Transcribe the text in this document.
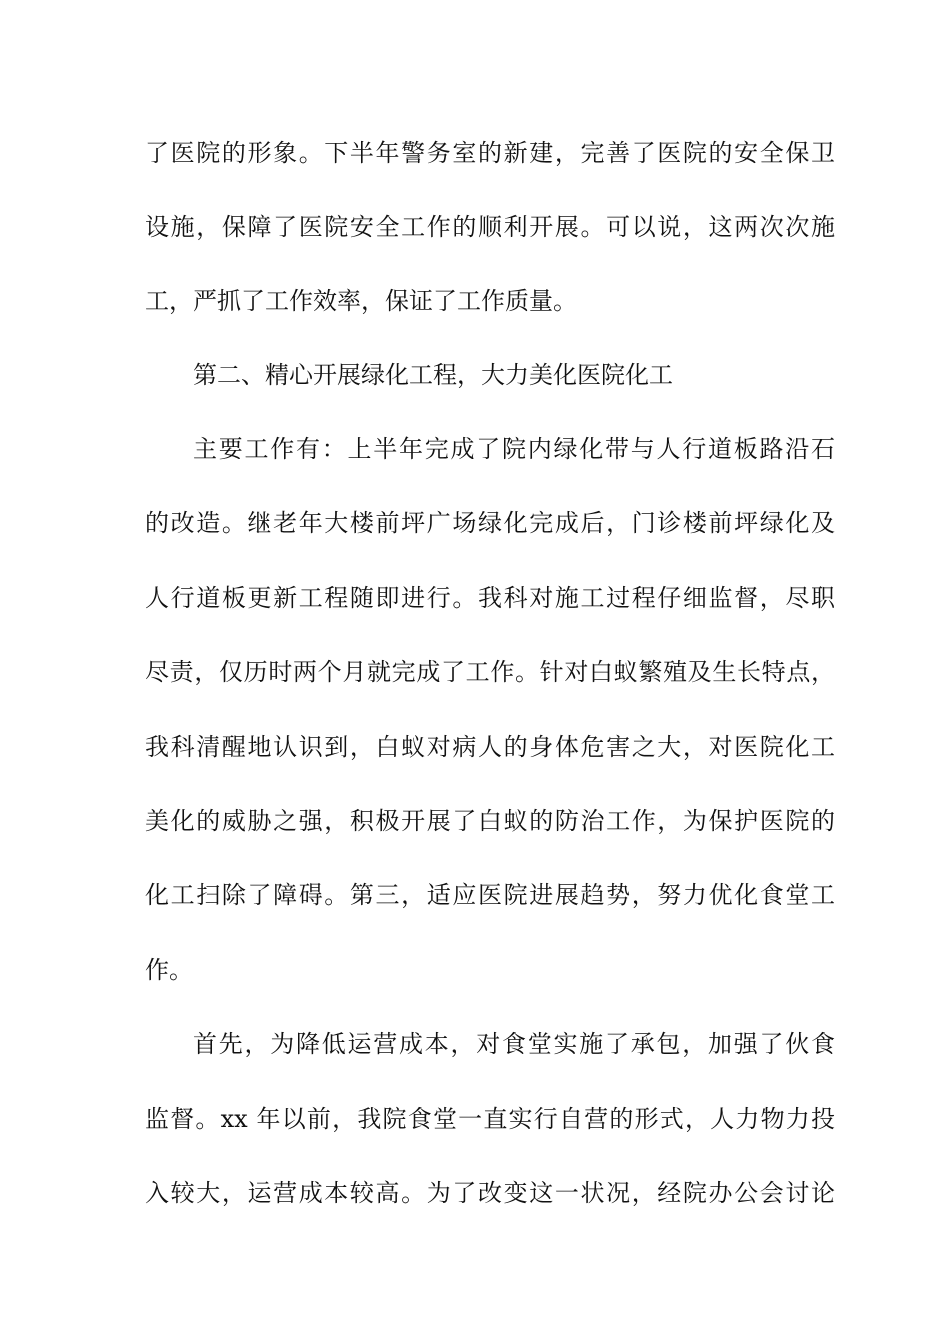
了医院的形象。下半年警务室的新建，完善了医院的安全保卫
设施，保障了医院安全工作的顺利开展。可以说，这两次次施
工，严抓了工作效率，保证了工作质量。
第二、精心开展绿化工程，大力美化医院化工
主要工作有：上半年完成了院内绿化带与人行道板路沿石
的改造。继老年大楼前坪广场绿化完成后，门诊楼前坪绿化及
人行道板更新工程随即进行。我科对施工过程仔细监督，尽职
尽责，仅历时两个月就完成了工作。针对白蚁繁殖及生长特点，
我科清醒地认识到，白蚁对病人的身体危害之大，对医院化工
美化的威胁之强，积极开展了白蚁的防治工作，为保护医院的
化工扫除了障碍。第三，适应医院进展趋势，努力优化食堂工
作。
首先，为降低运营成本，对食堂实施了承包，加强了伙食
监督。xx 年以前，我院食堂一直实行自营的形式，人力物力投
入较大，运营成本较高。为了改变这一状况，经院办公会讨论
